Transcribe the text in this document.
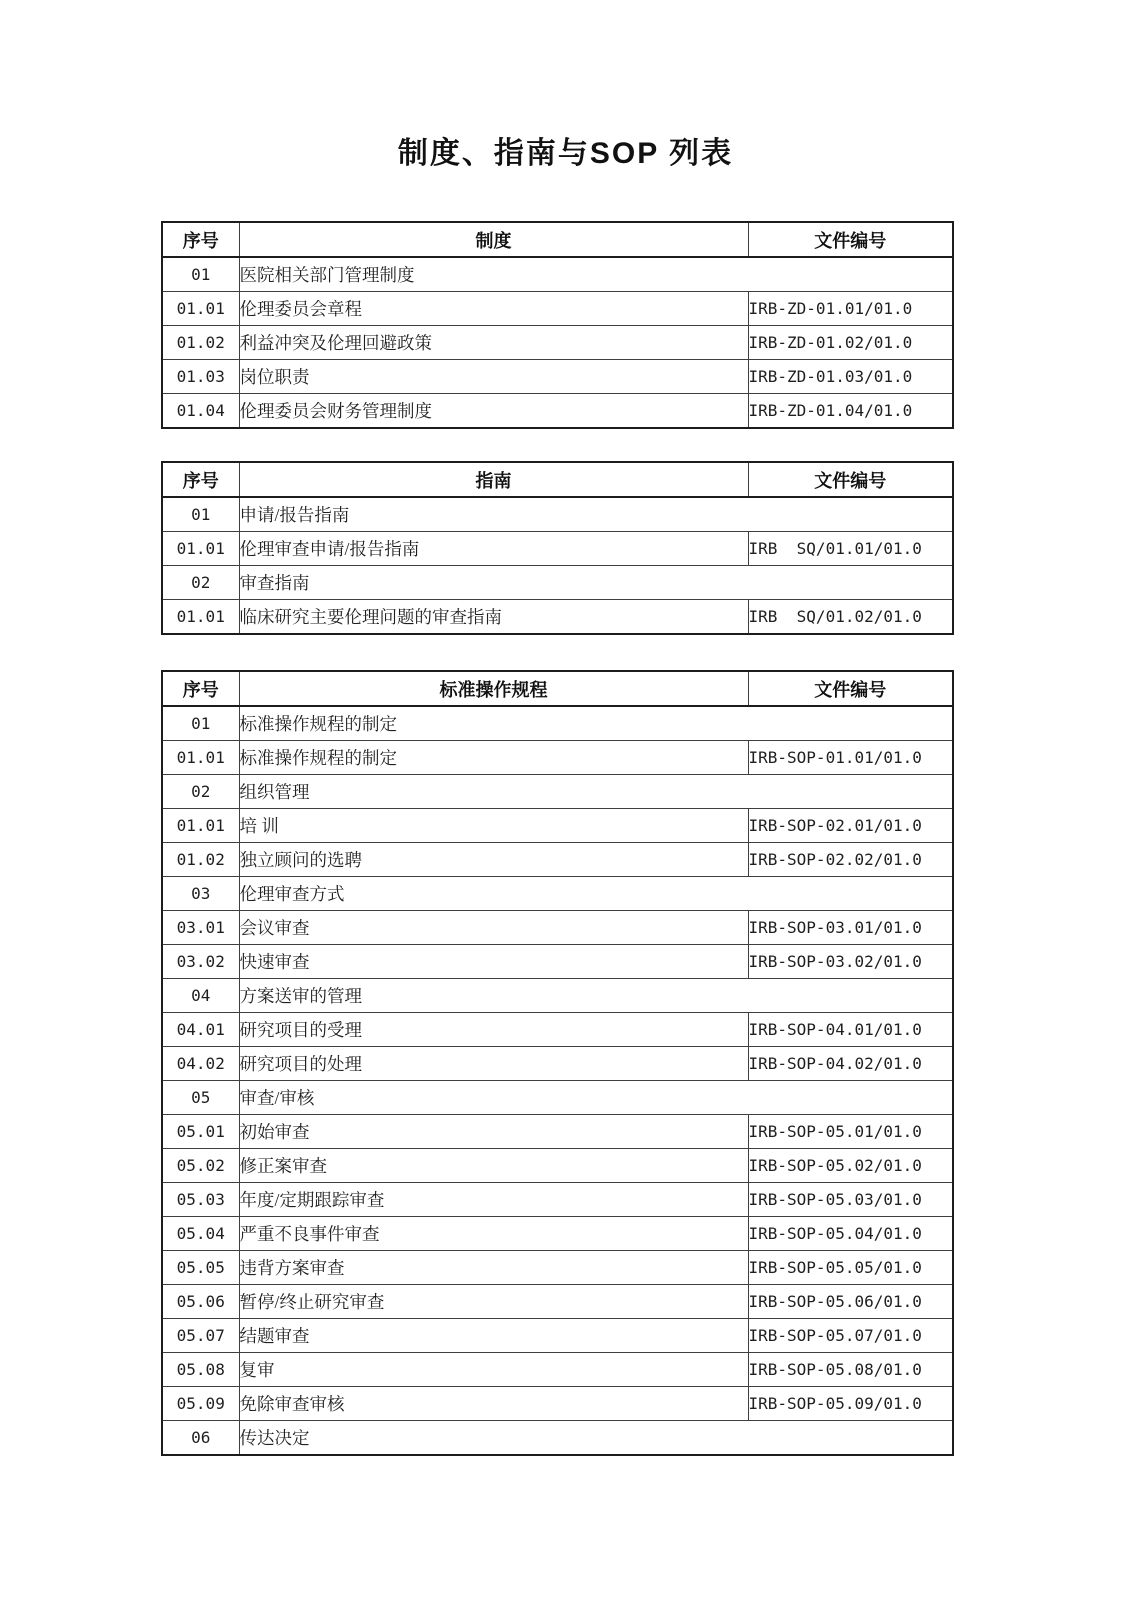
制度、指南与SOP 列表
序号	制度	文件编号
01	医院相关部门管理制度	
01.01	伦理委员会章程	IRB-ZD-01.01/01.0
01.02	利益冲突及伦理回避政策	IRB-ZD-01.02/01.0
01.03	岗位职责	IRB-ZD-01.03/01.0
01.04	伦理委员会财务管理制度	IRB-ZD-01.04/01.0
序号	指南	文件编号
01	申请/报告指南	
01.01	伦理审查申请/报告指南	IRB  SQ/01.01/01.0
02	审查指南	
01.01	临床研究主要伦理问题的审查指南	IRB  SQ/01.02/01.0
序号	标准操作规程	文件编号
01	标准操作规程的制定	
01.01	标准操作规程的制定	IRB-SOP-01.01/01.0
02	组织管理	
01.01	培 训	IRB-SOP-02.01/01.0
01.02	独立顾问的选聘	IRB-SOP-02.02/01.0
03	伦理审查方式	
03.01	会议审查	IRB-SOP-03.01/01.0
03.02	快速审查	IRB-SOP-03.02/01.0
04	方案送审的管理	
04.01	研究项目的受理	IRB-SOP-04.01/01.0
04.02	研究项目的处理	IRB-SOP-04.02/01.0
05	审查/审核	
05.01	初始审查	IRB-SOP-05.01/01.0
05.02	修正案审查	IRB-SOP-05.02/01.0
05.03	年度/定期跟踪审查	IRB-SOP-05.03/01.0
05.04	严重不良事件审查	IRB-SOP-05.04/01.0
05.05	违背方案审查	IRB-SOP-05.05/01.0
05.06	暂停/终止研究审查	IRB-SOP-05.06/01.0
05.07	结题审查	IRB-SOP-05.07/01.0
05.08	复审	IRB-SOP-05.08/01.0
05.09	免除审查审核	IRB-SOP-05.09/01.0
06	传达决定	
